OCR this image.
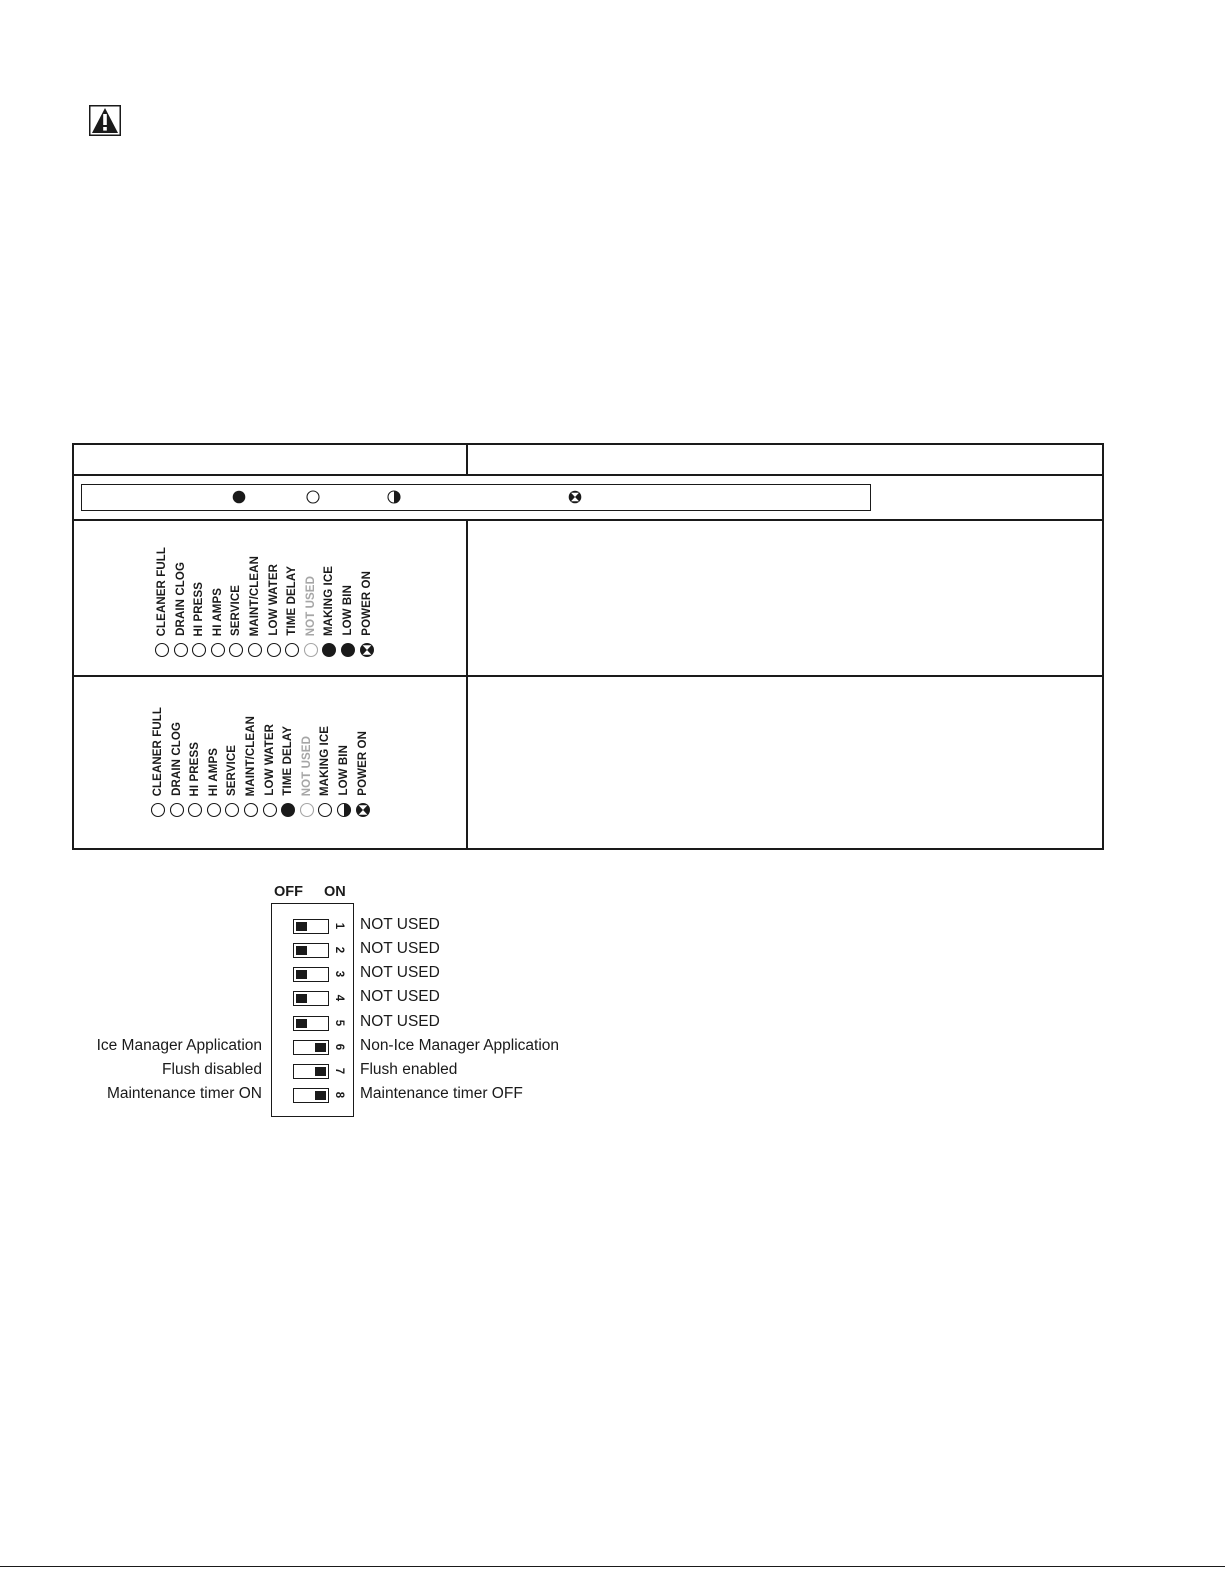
CLEANER FULL DRAIN CLOG HI PRESS HI AMPS SERVICE MAINT/CLEAN LOW WATER TIME DELAY NOT USED MAKING ICE LOW BIN POWER ON
CLEANER FULL DRAIN CLOG HI PRESS HI AMPS SERVICE MAINT/CLEAN LOW WATER TIME DELAY NOT USED MAKING ICE LOW BIN POWER ON
OFF ON
1
2
3
4
5
6
7
8
NOT USED
NOT USED
NOT USED
NOT USED
NOT USED
Non-Ice Manager Application
Ice Manager Application
Flush enabled
Flush disabled
Maintenance timer OFF
Maintenance timer ON
